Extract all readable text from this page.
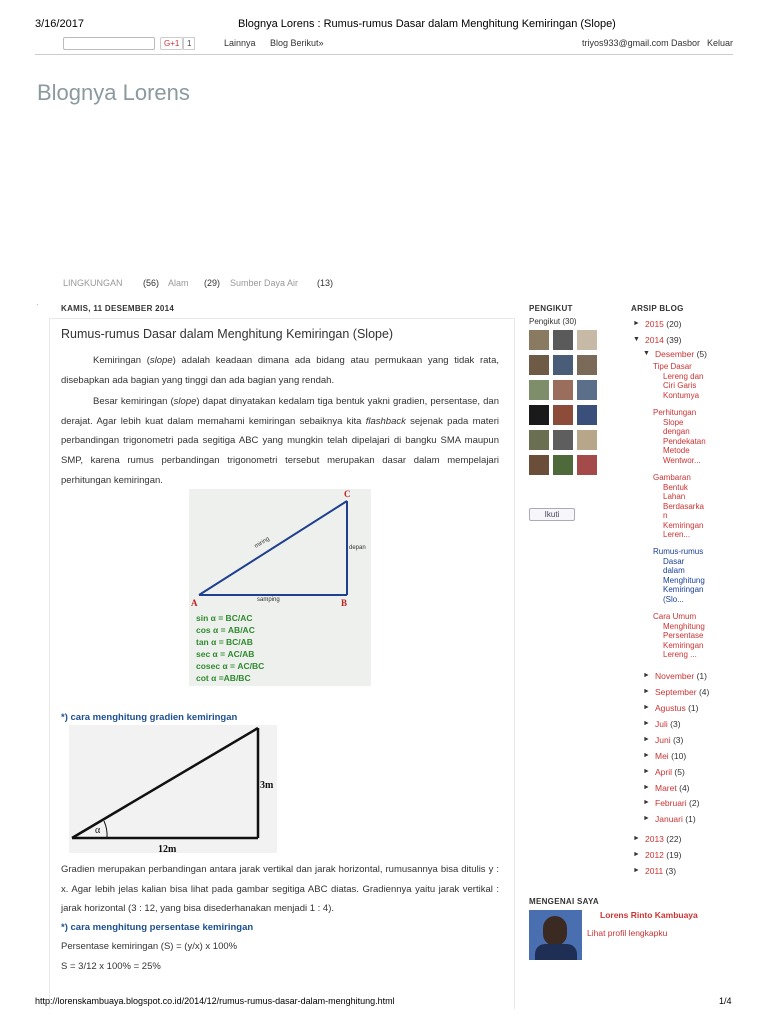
3/16/2017	Blognya Lorens : Rumus-rumus Dasar dalam Menghitung Kemiringan (Slope)
G+1 1	Lainnya Blog Berikut»	triyos933@gmail.com Dasbor Keluar
Blognya Lorens
LINGKUNGAN (56) Alam (29) Sumber Daya Air (13)
·	KAMIS, 11 DESEMBER 2014
Rumus-rumus Dasar dalam Menghitung Kemiringan (Slope)
Kemiringan (slope) adalah keadaan dimana ada bidang atau permukaan yang tidak rata, disebapkan ada bagian yang tinggi dan ada bagian yang rendah.
Besar kemiringan (slope) dapat dinyatakan kedalam tiga bentuk yakni gradien, persentase, dan derajat. Agar lebih kuat dalam memahami kemiringan sebaiknya kita flashback sejenak pada materi perbandingan trigonometri pada segitiga ABC yang mungkin telah dipelajari di bangku SMA maupun SMP, karena rumus perbandingan trigonometri tersebut merupakan dasar dalam mempelajari perhitungan kemiringan.
C
A	B
miring	depan
samping
sin α = BC/AC
cos α = AB/AC
tan α = BC/AB
sec α = AC/AB
cosec α = AC/BC
cot α =AB/BC
*) cara menghitung gradien kemiringan
α
3m
12m
Gradien merupakan perbandingan antara jarak vertikal dan jarak horizontal, rumusannya bisa ditulis y : x. Agar lebih jelas kalian bisa lihat pada gambar segitiga ABC diatas. Gradiennya yaitu jarak vertikal : jarak horizontal (3 : 12, yang bisa disederhanakan menjadi 1 : 4).
*) cara menghitung persentase kemiringan
Persentase kemiringan (S) = (y/x) x 100%
S = 3/12 x 100% = 25%
PENGIKUT
Pengikut (30)
Ikuti
ARSIP BLOG
► 2015 (20)
▼ 2014 (39)
▼ Desember (5)
Tipe Dasar
Lereng dan
Ciri Garis
Kontumya
Perhitungan
Slope
dengan
Pendekatan
Metode
Wentwor...
Gambaran
Bentuk
Lahan
Berdasarka
n
Kemiringan
Leren...
Rumus-rumus
Dasar
dalam
Menghitung
Kemiringan
(Slo...
Cara Umum
Menghitung
Persentase
Kemiringan
Lereng ...
► November (1)
► September (4)
► Agustus (1)
► Juli (3)
► Juni (3)
► Mei (10)
► April (5)
► Maret (4)
► Februari (2)
► Januari (1)
► 2013 (22)
► 2012 (19)
► 2011 (3)
MENGENAI SAYA
Lorens Rinto Kambuaya
Lihat profil lengkapku
http://lorenskambuaya.blogspot.co.id/2014/12/rumus-rumus-dasar-dalam-menghitung.html	1/4
